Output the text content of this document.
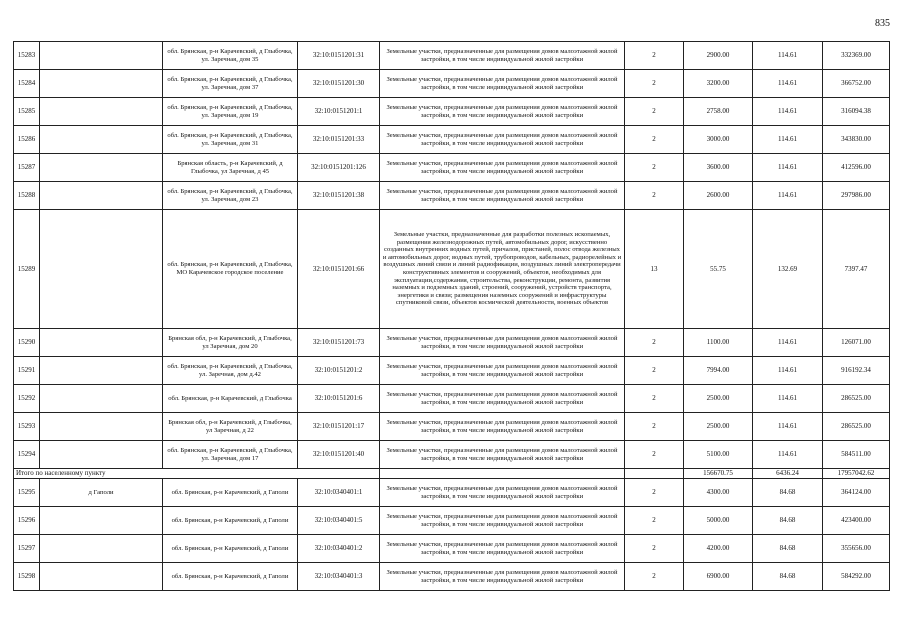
835
15283		обл. Брянская, р-н Карачевский, д Глыбочка, ул. Заречная, дом 35	32:10:0151201:31	Земельные участки, предназначенные для размещения домов малоэтажной жилой застройки, в том числе индивидуальной жилой застройки	2	2900.00	114.61	332369.00
15284		обл. Брянская, р-н Карачевский, д Глыбочка, ул. Заречная, дом 37	32:10:0151201:30	Земельные участки, предназначенные для размещения домов малоэтажной жилой застройки, в том числе индивидуальной жилой застройки	2	3200.00	114.61	366752.00
15285		обл. Брянская, р-н Карачевский, д Глыбочка, ул. Заречная, дом 19	32:10:0151201:1	Земельные участки, предназначенные для размещения домов малоэтажной жилой застройки, в том числе индивидуальной жилой застройки	2	2758.00	114.61	316094.38
15286		обл. Брянская, р-н Карачевский, д Глыбочка, ул. Заречная, дом 31	32:10:0151201:33	Земельные участки, предназначенные для размещения домов малоэтажной жилой застройки, в том числе индивидуальной жилой застройки	2	3000.00	114.61	343830.00
15287		Брянская область, р-н Карачевский, д Глыбочка, ул Заречная, д 45	32:10:0151201:126	Земельные участки, предназначенные для размещения домов малоэтажной жилой застройки, в том числе индивидуальной жилой застройки	2	3600.00	114.61	412596.00
15288		обл. Брянская, р-н Карачевский, д Глыбочка, ул. Заречная, дом 23	32:10:0151201:38	Земельные участки, предназначенные для размещения домов малоэтажной жилой застройки, в том числе индивидуальной жилой застройки	2	2600.00	114.61	297986.00
15289		обл. Брянская, р-н Карачевский, д Глыбочка, МО Карачевское городское поселение	32:10:0151201:66	Земельные участки, предназначенные для разработки полезных ископаемых, размещения железнодорожных путей, автомобильных дорог, искусственно созданных внутренних водных путей, причалов, пристаней, полос отвода железных и автомобильных дорог, водных путей, трубопроводов, кабельных, радиорелейных и воздушных линий связи и линий радиофикации, воздушных линий электропередачи конструктивных элементов и сооружений, объектов, необходимых для эксплуатации,содержания, строительства, реконструкции, ремонта, развития наземных и подземных зданий, строений, сооружений, устройств транспорта, энергетики и связи; размещения наземных сооружений и инфраструктуры спутниковой связи, объектов космической деятельности, военных объектов	13	55.75	132.69	7397.47
15290		Брянская обл, р-н Карачевский, д Глыбочка, ул Заречная, дом 20	32:10:0151201:73	Земельные участки, предназначенные для размещения домов малоэтажной жилой застройки, в том числе индивидуальной жилой застройки	2	1100.00	114.61	126071.00
15291		обл. Брянская, р-н Карачевский, д Глыбочка, ул. Заречная, дом д.42	32:10:0151201:2	Земельные участки, предназначенные для размещения домов малоэтажной жилой застройки, в том числе индивидуальной жилой застройки	2	7994.00	114.61	916192.34
15292		обл. Брянская, р-н Карачевский, д Глыбочка	32:10:0151201:6	Земельные участки, предназначенные для размещения домов малоэтажной жилой застройки, в том числе индивидуальной жилой застройки	2	2500.00	114.61	286525.00
15293		Брянская обл, р-н Карачевский, д Глыбочка, ул Заречная, д 22	32:10:0151201:17	Земельные участки, предназначенные для размещения домов малоэтажной жилой застройки, в том числе индивидуальной жилой застройки	2	2500.00	114.61	286525.00
15294		обл. Брянская, р-н Карачевский, д Глыбочка, ул. Заречная, дом 17	32:10:0151201:40	Земельные участки, предназначенные для размещения домов малоэтажной жилой застройки, в том числе индивидуальной жилой застройки	2	5100.00	114.61	584511.00
Итого по населенному пункту						156670.75	6436.24	17957042.62
15295	д Гаполи	обл. Брянская, р-н Карачевский, д Гаполи	32:10:0340401:1	Земельные участки, предназначенные для размещения домов малоэтажной жилой застройки, в том числе индивидуальной жилой застройки	2	4300.00	84.68	364124.00
15296		обл. Брянская, р-н Карачевский, д Гаполи	32:10:0340401:5	Земельные участки, предназначенные для размещения домов малоэтажной жилой застройки, в том числе индивидуальной жилой застройки	2	5000.00	84.68	423400.00
15297		обл. Брянская, р-н Карачевский, д Гаполи	32:10:0340401:2	Земельные участки, предназначенные для размещения домов малоэтажной жилой застройки, в том числе индивидуальной жилой застройки	2	4200.00	84.68	355656.00
15298		обл. Брянская, р-н Карачевский, д Гаполи	32:10:0340401:3	Земельные участки, предназначенные для размещения домов малоэтажной жилой застройки, в том числе индивидуальной жилой застройки	2	6900.00	84.68	584292.00
